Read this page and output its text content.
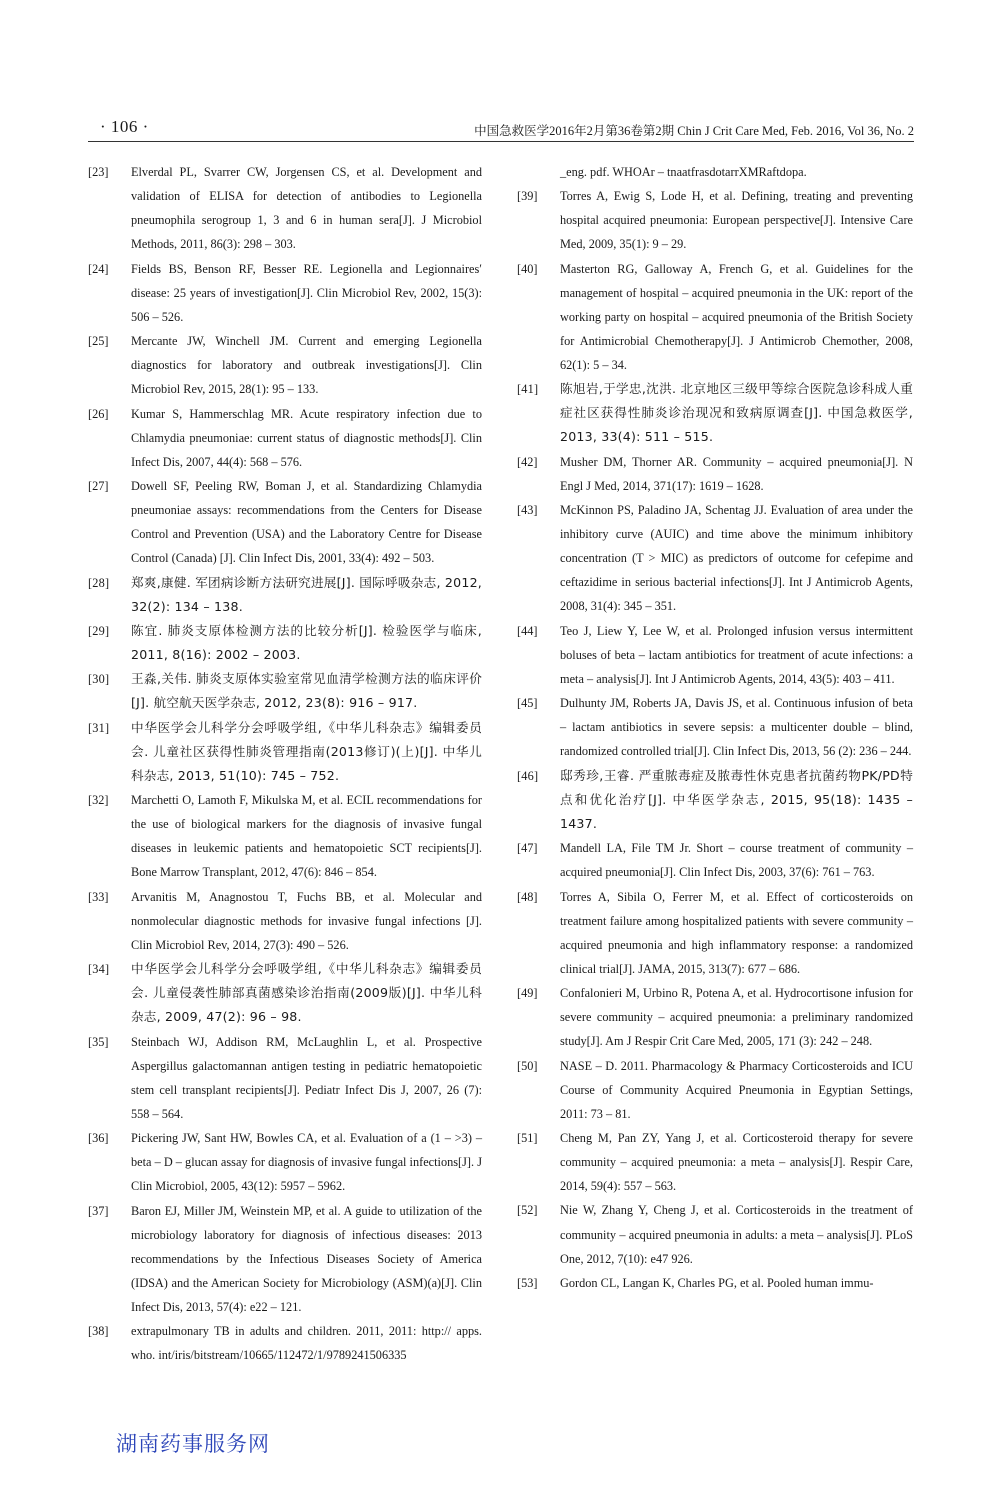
· 106 ·	中国急救医学2016年2月第36卷第2期 Chin J Crit Care Med, Feb. 2016, Vol 36, No. 2
[23] Elverdal PL, Svarrer CW, Jorgensen CS, et al. Development and validation of ELISA for detection of antibodies to Legionella pneumophila serogroup 1, 3 and 6 in human sera[J]. J Microbiol Methods, 2011, 86(3): 298 – 303.
[24] Fields BS, Benson RF, Besser RE. Legionella and Legionnaires′ disease: 25 years of investigation[J]. Clin Microbiol Rev, 2002, 15(3): 506 – 526.
[25] Mercante JW, Winchell JM. Current and emerging Legionella diagnostics for laboratory and outbreak investigations[J]. Clin Microbiol Rev, 2015, 28(1): 95 – 133.
[26] Kumar S, Hammerschlag MR. Acute respiratory infection due to Chlamydia pneumoniae: current status of diagnostic methods[J]. Clin Infect Dis, 2007, 44(4): 568 – 576.
[27] Dowell SF, Peeling RW, Boman J, et al. Standardizing Chlamydia pneumoniae assays: recommendations from the Centers for Disease Control and Prevention (USA) and the Laboratory Centre for Disease Control (Canada) [J]. Clin Infect Dis, 2001, 33(4): 492 – 503.
[28] 郑爽,康健. 军团病诊断方法研究进展[J]. 国际呼吸杂志, 2012, 32(2): 134 – 138.
[29] 陈宜. 肺炎支原体检测方法的比较分析[J]. 检验医学与临床, 2011, 8(16): 2002 – 2003.
[30] 王淼,关伟. 肺炎支原体实验室常见血清学检测方法的临床评价[J]. 航空航天医学杂志, 2012, 23(8): 916 – 917.
[31] 中华医学会儿科学分会呼吸学组,《中华儿科杂志》编辑委员会. 儿童社区获得性肺炎管理指南(2013修订)(上)[J]. 中华儿科杂志, 2013, 51(10): 745 – 752.
[32] Marchetti O, Lamoth F, Mikulska M, et al. ECIL recommendations for the use of biological markers for the diagnosis of invasive fungal diseases in leukemic patients and hematopoietic SCT recipients[J]. Bone Marrow Transplant, 2012, 47(6): 846 – 854.
[33] Arvanitis M, Anagnostou T, Fuchs BB, et al. Molecular and nonmolecular diagnostic methods for invasive fungal infections [J]. Clin Microbiol Rev, 2014, 27(3): 490 – 526.
[34] 中华医学会儿科学分会呼吸学组,《中华儿科杂志》编辑委员会. 儿童侵袭性肺部真菌感染诊治指南(2009版)[J]. 中华儿科杂志, 2009, 47(2): 96 – 98.
[35] Steinbach WJ, Addison RM, McLaughlin L, et al. Prospective Aspergillus galactomannan antigen testing in pediatric hematopoietic stem cell transplant recipients[J]. Pediatr Infect Dis J, 2007, 26 (7): 558 – 564.
[36] Pickering JW, Sant HW, Bowles CA, et al. Evaluation of a (1 – >3) – beta – D – glucan assay for diagnosis of invasive fungal infections[J]. J Clin Microbiol, 2005, 43(12): 5957 – 5962.
[37] Baron EJ, Miller JM, Weinstein MP, et al. A guide to utilization of the microbiology laboratory for diagnosis of infectious diseases: 2013 recommendations by the Infectious Diseases Society of America (IDSA) and the American Society for Microbiology (ASM)(a)[J]. Clin Infect Dis, 2013, 57(4): e22 – 121.
[38] extrapulmonary TB in adults and children. 2011, 2011: http:// apps. who. int/iris/bitstream/10665/112472/1/9789241506335
_eng. pdf. WHOAr – tnaatfrasdotarrXMRaftdopa.
[39] Torres A, Ewig S, Lode H, et al. Defining, treating and preventing hospital acquired pneumonia: European perspective[J]. Intensive Care Med, 2009, 35(1): 9 – 29.
[40] Masterton RG, Galloway A, French G, et al. Guidelines for the management of hospital – acquired pneumonia in the UK: report of the working party on hospital – acquired pneumonia of the British Society for Antimicrobial Chemotherapy[J]. J Antimicrob Chemother, 2008, 62(1): 5 – 34.
[41] 陈旭岩,于学忠,沈洪. 北京地区三级甲等综合医院急诊科成人重症社区获得性肺炎诊治现况和致病原调查[J]. 中国急救医学, 2013, 33(4): 511 – 515.
[42] Musher DM, Thorner AR. Community – acquired pneumonia[J]. N Engl J Med, 2014, 371(17): 1619 – 1628.
[43] McKinnon PS, Paladino JA, Schentag JJ. Evaluation of area under the inhibitory curve (AUIC) and time above the minimum inhibitory concentration (T > MIC) as predictors of outcome for cefepime and ceftazidime in serious bacterial infections[J]. Int J Antimicrob Agents, 2008, 31(4): 345 – 351.
[44] Teo J, Liew Y, Lee W, et al. Prolonged infusion versus intermittent boluses of beta – lactam antibiotics for treatment of acute infections: a meta – analysis[J]. Int J Antimicrob Agents, 2014, 43(5): 403 – 411.
[45] Dulhunty JM, Roberts JA, Davis JS, et al. Continuous infusion of beta – lactam antibiotics in severe sepsis: a multicenter double – blind, randomized controlled trial[J]. Clin Infect Dis, 2013, 56 (2): 236 – 244.
[46] 邸秀珍,王睿. 严重脓毒症及脓毒性休克患者抗菌药物PK/PD特点和优化治疗[J]. 中华医学杂志, 2015, 95(18): 1435 – 1437.
[47] Mandell LA, File TM Jr. Short – course treatment of community – acquired pneumonia[J]. Clin Infect Dis, 2003, 37(6): 761 – 763.
[48] Torres A, Sibila O, Ferrer M, et al. Effect of corticosteroids on treatment failure among hospitalized patients with severe community – acquired pneumonia and high inflammatory response: a randomized clinical trial[J]. JAMA, 2015, 313(7): 677 – 686.
[49] Confalonieri M, Urbino R, Potena A, et al. Hydrocortisone infusion for severe community – acquired pneumonia: a preliminary randomized study[J]. Am J Respir Crit Care Med, 2005, 171 (3): 242 – 248.
[50] NASE – D. 2011. Pharmacology & Pharmacy Corticosteroids and ICU Course of Community Acquired Pneumonia in Egyptian Settings, 2011: 73 – 81.
[51] Cheng M, Pan ZY, Yang J, et al. Corticosteroid therapy for severe community – acquired pneumonia: a meta – analysis[J]. Respir Care, 2014, 59(4): 557 – 563.
[52] Nie W, Zhang Y, Cheng J, et al. Corticosteroids in the treatment of community – acquired pneumonia in adults: a meta – analysis[J]. PLoS One, 2012, 7(10): e47 926.
[53] Gordon CL, Langan K, Charles PG, et al. Pooled human immu-
湖南药事服务网
